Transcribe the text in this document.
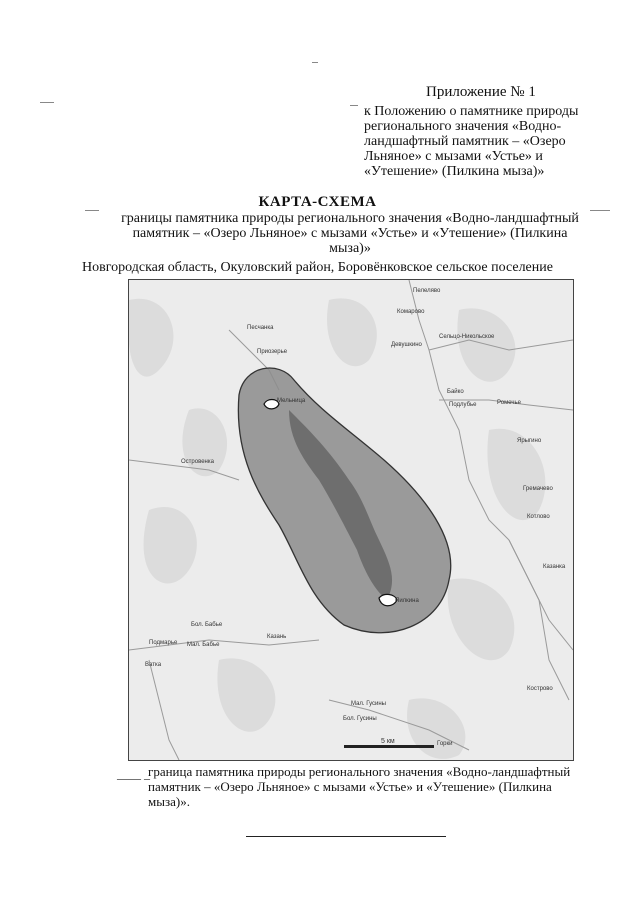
Приложение № 1
к Положению о памятнике природы регионального значения «Водно-ландшафтный памятник – «Озеро Льняное» с мызами «Устье» и «Утешение» (Пилкина мыза)»
КАРТА-СХЕМА
границы памятника природы регионального значения «Водно-ландшафтный памятник – «Озеро Льняное» с мызами «Устье» и «Утешение» (Пилкина мыза)»
Новгородская область, Окуловский район, Боровёнковское сельское поселение
Песчанка
Приозерье
Мельница
Островенка
Бол. Бабье
Мал. Бабье
Подмарье
Казань
Мал. Гусины
Бол. Гусины
Ватка
Пелеляво
Комарово
Девушкино
Сельцо-Никольское
Байко
Подлубье	Ромечье
Ярыгино
Гремачево
Котлово
Казанка
Кострово
Горки
Пилкина
5 км
—— –
граница памятника природы регионального значения «Водно-ландшафтный памятник – «Озеро Льняное» с мызами «Устье» и «Утешение» (Пилкина мыза)».
